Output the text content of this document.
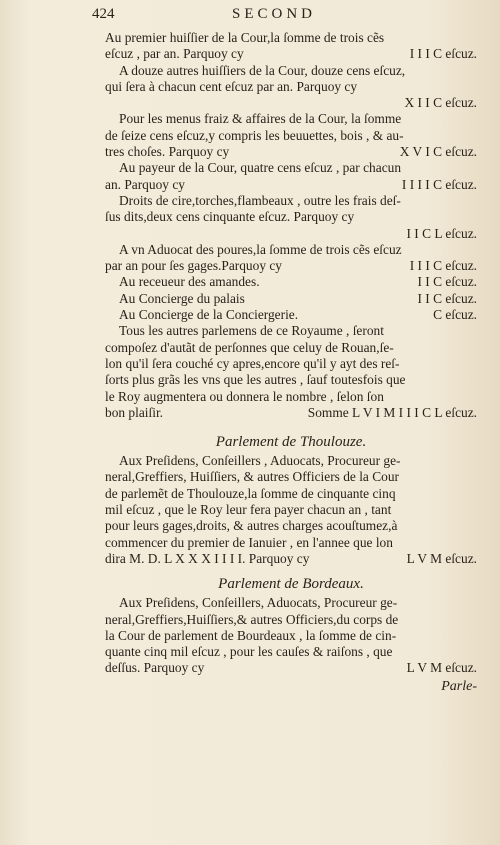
424	SECOND
Au premier huiſſier de la Cour,la ſomme de trois cẽs
eſcuz , par an. Parquoy cy	I I I C eſcuz.
A douze autres huiſſiers de la Cour, douze cens eſcuz,
qui ſera à chacun cent eſcuz par an. Parquoy cy
X I I C eſcuz.
Pour les menus fraiz & affaires de la Cour, la ſomme
de ſeize cens eſcuz,y compris les beuuettes, bois , & au-
tres choſes. Parquoy cy	X V I C eſcuz.
Au payeur de la Cour, quatre cens eſcuz , par chacun
an. Parquoy cy	I I I I C eſcuz.
Droits de cire,torches,flambeaux , outre les frais deſ-
ſus dits,deux cens cinquante eſcuz. Parquoy cy
I I C L eſcuz.
A vn Aduocat des poures,la ſomme de trois cẽs eſcuz
par an pour ſes gages.Parquoy cy	I I I C eſcuz.
Au receueur des amandes.	I I C eſcuz.
Au Concierge du palais	I I C eſcuz.
Au Concierge de la Conciergerie.	C eſcuz.
Tous les autres parlemens de ce Royaume , ſeront
compoſez d'autãt de perſonnes que celuy de Rouan,ſe-
lon qu'il ſera couché cy apres,encore qu'il y ayt des reſ-
ſorts plus grãs les vns que les autres , ſauf toutesfois que
le Roy augmentera ou donnera le nombre , ſelon ſon
bon plaiſir.	Somme L V I M I I I C L eſcuz.
Parlement de Thoulouze.
Aux Preſidens, Conſeillers , Aduocats, Procureur ge-
neral,Greffiers, Huiſſiers, & autres Officiers de la Cour
de parlemẽt de Thoulouze,la ſomme de cinquante cinq
mil eſcuz , que le Roy leur fera payer chacun an , tant
pour leurs gages,droits, & autres charges acouſtumez,à
commencer du premier de Ianuier , en l'annee que lon
dira M. D. L X X X I I I I. Parquoy cy	L V M eſcuz.
Parlement de Bordeaux.
Aux Preſidens, Conſeillers, Aduocats, Procureur ge-
neral,Greffiers,Huiſſiers,& autres Officiers,du corps de
la Cour de parlement de Bourdeaux , la ſomme de cin-
quante cinq mil eſcuz , pour les cauſes & raiſons , que
deſſus. Parquoy cy	L V M eſcuz.
Parle-
